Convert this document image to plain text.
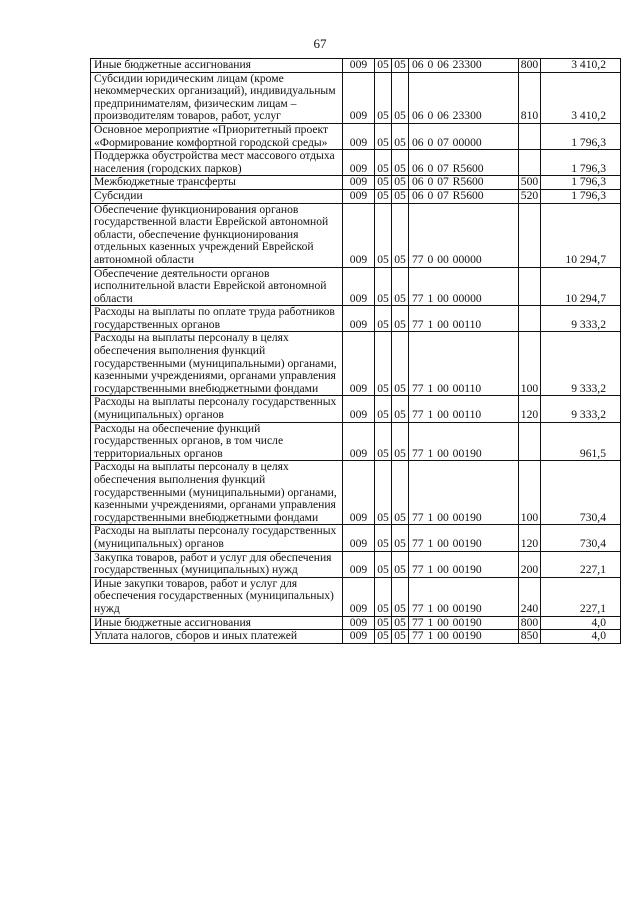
67
Иные бюджетные ассигнования	009	05	05	06 0 06 23300	800	3 410,2
Субсидии юридическим лицам (кроме некоммерческих организаций), индивидуальным предпринимателям, физическим лицам – производителям товаров, работ, услуг	009	05	05	06 0 06 23300	810	3 410,2
Основное мероприятие «Приоритетный проект «Формирование комфортной городской среды»	009	05	05	06 0 07 00000		1 796,3
Поддержка обустройства мест массового отдыха населения (городских парков)	009	05	05	06 0 07 R5600		1 796,3
Межбюджетные трансферты	009	05	05	06 0 07 R5600	500	1 796,3
Субсидии	009	05	05	06 0 07 R5600	520	1 796,3
Обеспечение функционирования органов государственной власти Еврейской автономной области, обеспечение функционирования отдельных казенных учреждений Еврейской автономной области	009	05	05	77 0 00 00000		10 294,7
Обеспечение деятельности органов исполнительной власти Еврейской автономной области	009	05	05	77 1 00 00000		10 294,7
Расходы на выплаты по оплате труда работников государственных органов	009	05	05	77 1 00 00110		9 333,2
Расходы на выплаты персоналу в целях обеспечения выполнения функций государственными (муниципальными) органами, казенными учреждениями, органами управления государственными внебюджетными фондами	009	05	05	77 1 00 00110	100	9 333,2
Расходы на выплаты персоналу государственных (муниципальных) органов	009	05	05	77 1 00 00110	120	9 333,2
Расходы на обеспечение функций государственных органов, в том числе территориальных органов	009	05	05	77 1 00 00190		961,5
Расходы на выплаты персоналу в целях обеспечения выполнения функций государственными (муниципальными) органами, казенными учреждениями, органами управления государственными внебюджетными фондами	009	05	05	77 1 00 00190	100	730,4
Расходы на выплаты персоналу государственных (муниципальных) органов	009	05	05	77 1 00 00190	120	730,4
Закупка товаров, работ и услуг для обеспечения государственных (муниципальных) нужд	009	05	05	77 1 00 00190	200	227,1
Иные закупки товаров, работ и услуг для обеспечения государственных (муниципальных) нужд	009	05	05	77 1 00 00190	240	227,1
Иные бюджетные ассигнования	009	05	05	77 1 00 00190	800	4,0
Уплата налогов, сборов и иных платежей	009	05	05	77 1 00 00190	850	4,0
